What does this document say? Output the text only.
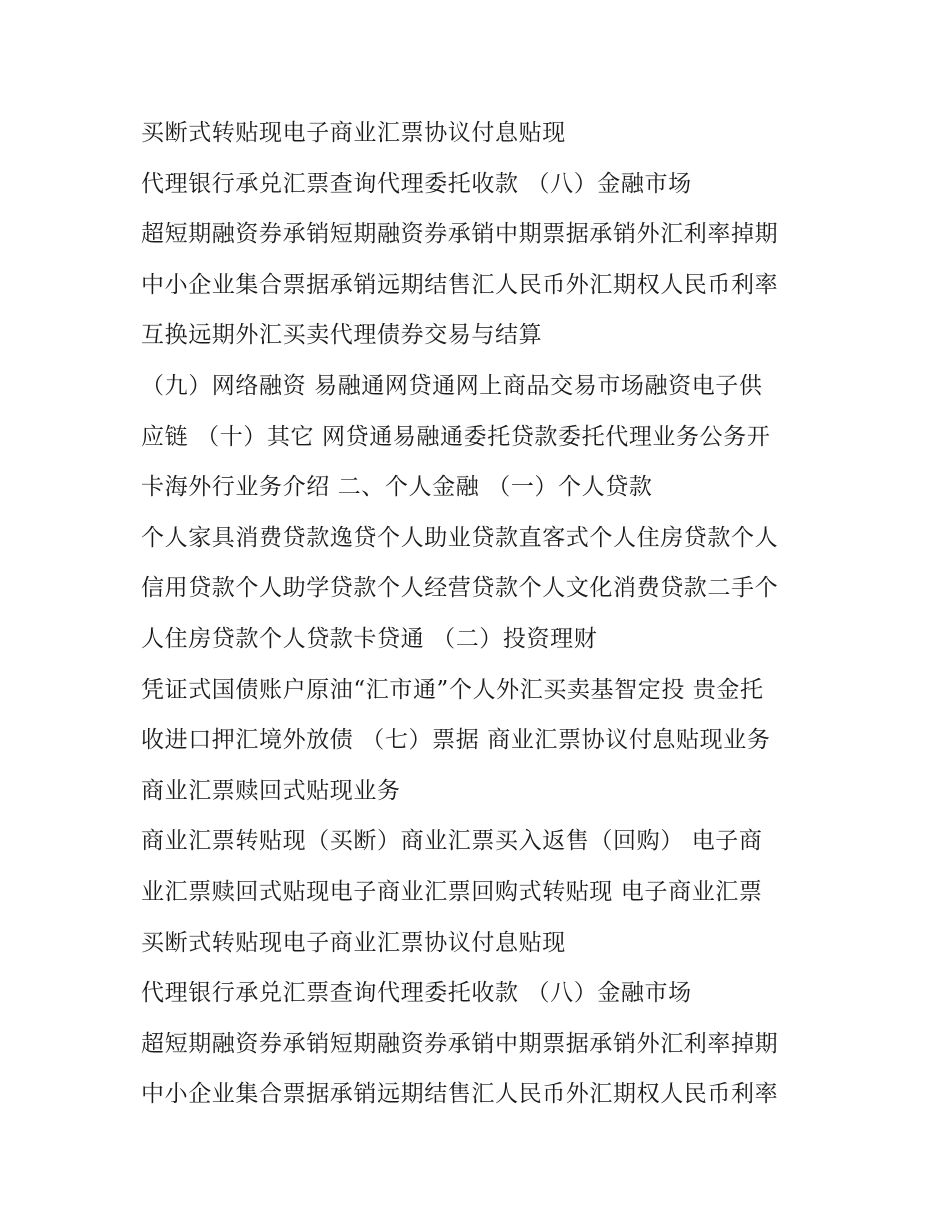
买断式转贴现电子商业汇票协议付息贴现
代理银行承兑汇票查询代理委托收款 （八）金融市场
超短期融资券承销短期融资券承销中期票据承销外汇利率掉期
中小企业集合票据承销远期结售汇人民币外汇期权人民币利率
互换远期外汇买卖代理债券交易与结算
（九）网络融资 易融通网贷通网上商品交易市场融资电子供
应链 （十）其它 网贷通易融通委托贷款委托代理业务公务开
卡海外行业务介绍 二、个人金融 （一）个人贷款
个人家具消费贷款逸贷个人助业贷款直客式个人住房贷款个人
信用贷款个人助学贷款个人经营贷款个人文化消费贷款二手个
人住房贷款个人贷款卡贷通 （二）投资理财
凭证式国债账户原油“汇市通”个人外汇买卖基智定投 贵金托
收进口押汇境外放债 （七）票据 商业汇票协议付息贴现业务
商业汇票赎回式贴现业务
商业汇票转贴现（买断）商业汇票买入返售（回购） 电子商
业汇票赎回式贴现电子商业汇票回购式转贴现 电子商业汇票
买断式转贴现电子商业汇票协议付息贴现
代理银行承兑汇票查询代理委托收款 （八）金融市场
超短期融资券承销短期融资券承销中期票据承销外汇利率掉期
中小企业集合票据承销远期结售汇人民币外汇期权人民币利率
